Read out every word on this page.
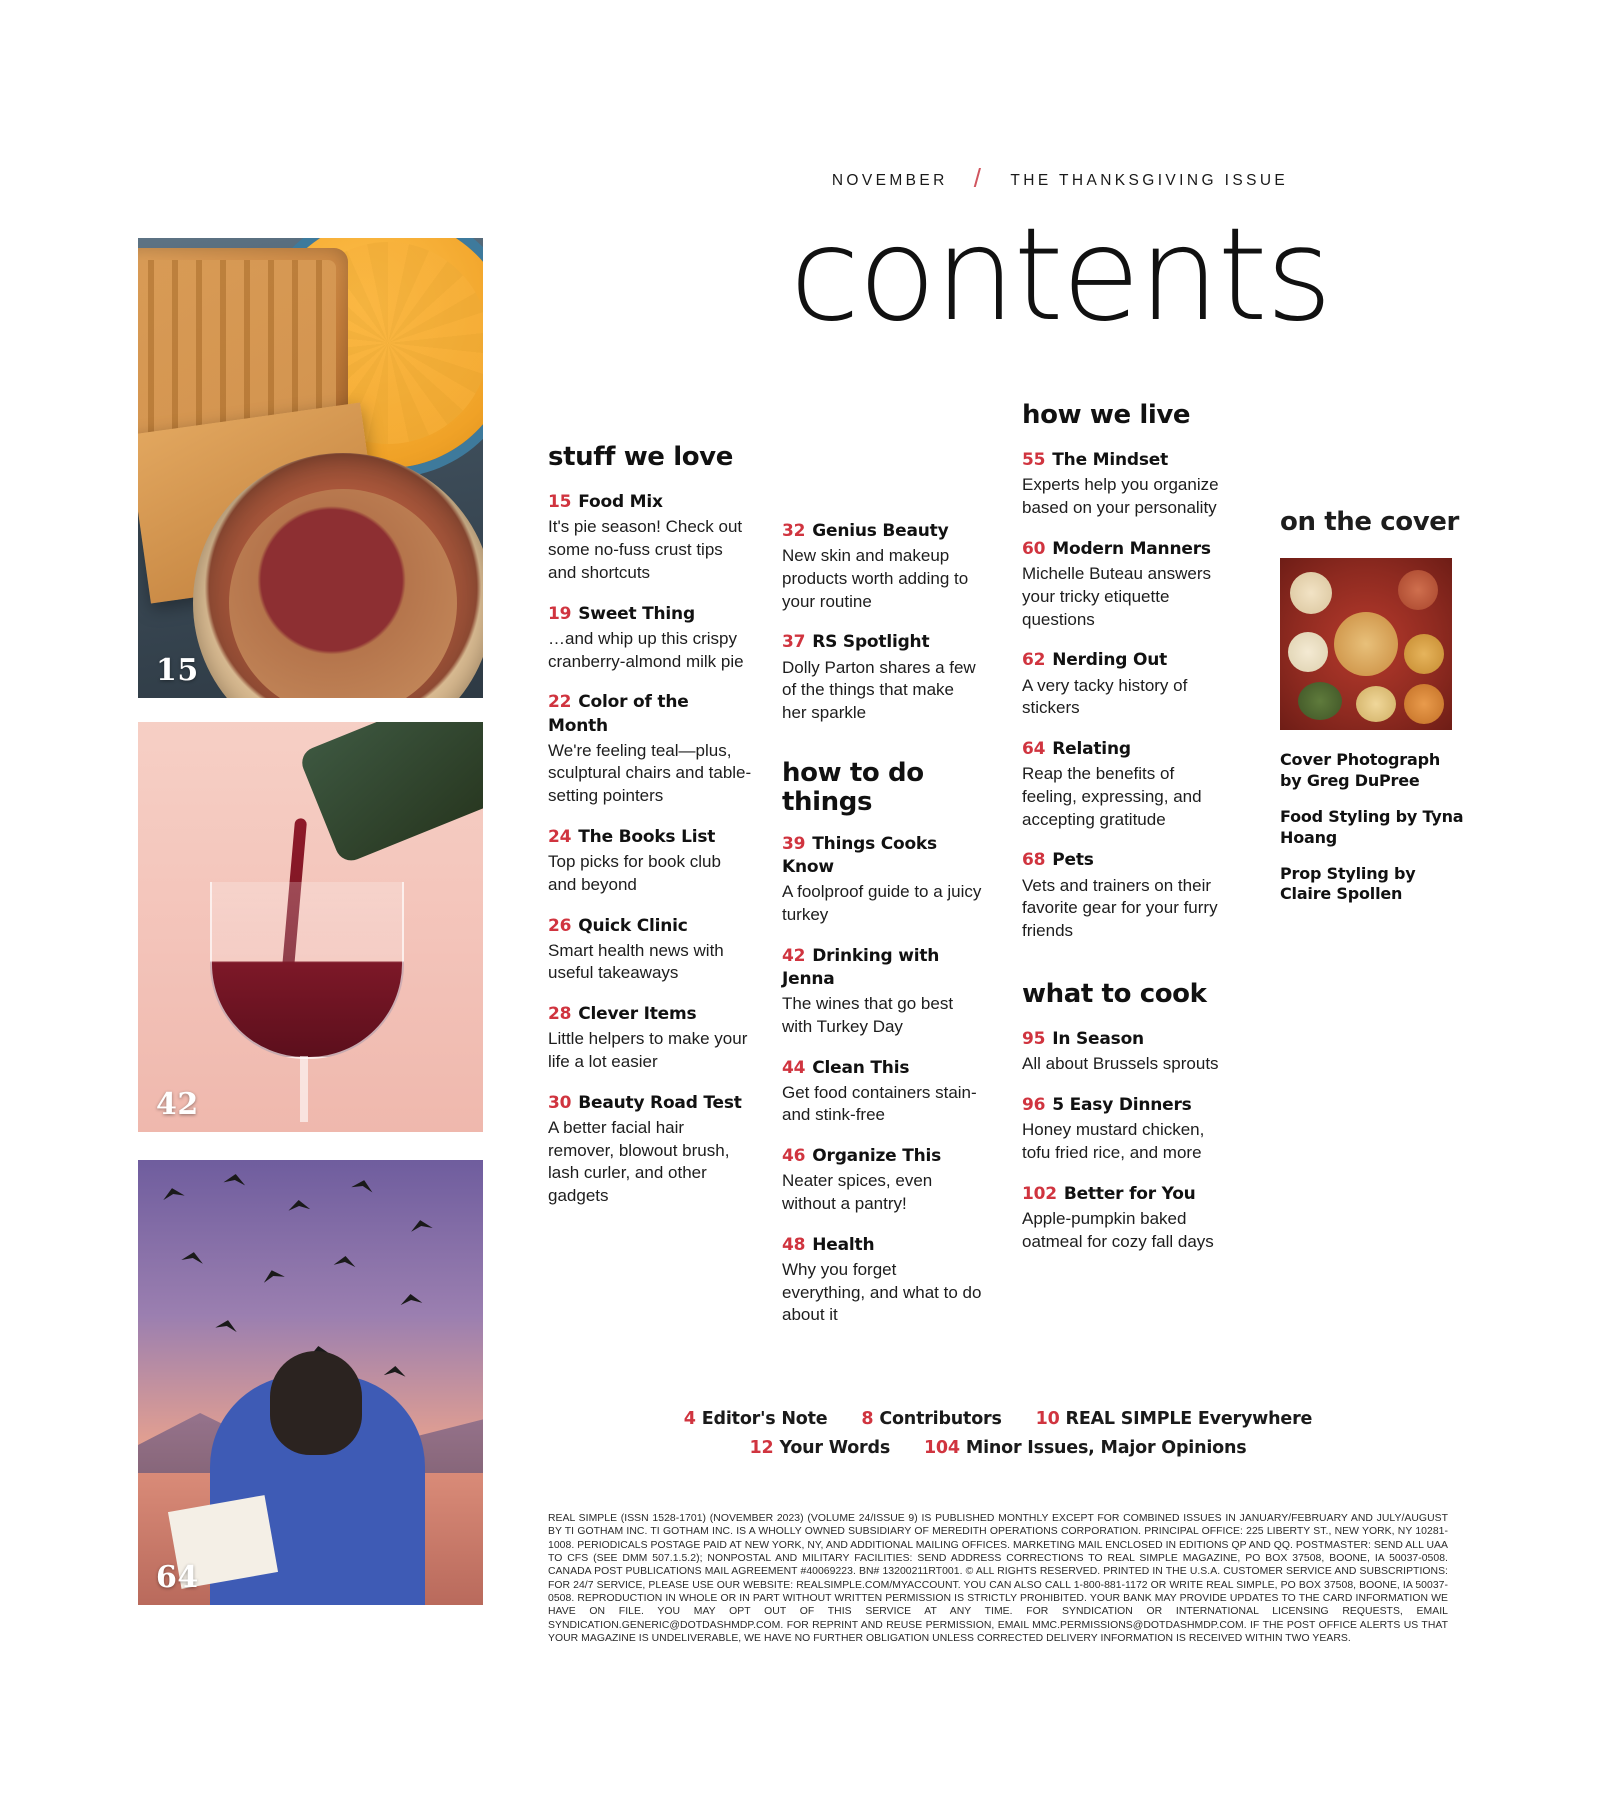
NOVEMBER / THE THANKSGIVING ISSUE
contents
15
42
64
stuff we love
15 Food Mix
It's pie season! Check out some no-fuss crust tips and shortcuts
19 Sweet Thing
…and whip up this crispy cranberry-almond milk pie
22 Color of the Month
We're feeling teal—plus, sculptural chairs and table-setting pointers
24 The Books List
Top picks for book club and beyond
26 Quick Clinic
Smart health news with useful takeaways
28 Clever Items
Little helpers to make your life a lot easier
30 Beauty Road Test
A better facial hair remover, blowout brush, lash curler, and other gadgets
32 Genius Beauty
New skin and makeup products worth adding to your routine
37 RS Spotlight
Dolly Parton shares a few of the things that make her sparkle
how to do things
39 Things Cooks Know
A foolproof guide to a juicy turkey
42 Drinking with Jenna
The wines that go best with Turkey Day
44 Clean This
Get food containers stain- and stink-free
46 Organize This
Neater spices, even without a pantry!
48 Health
Why you forget everything, and what to do about it
how we live
55 The Mindset
Experts help you organize based on your personality
60 Modern Manners
Michelle Buteau answers your tricky etiquette questions
62 Nerding Out
A very tacky history of stickers
64 Relating
Reap the benefits of feeling, expressing, and accepting gratitude
68 Pets
Vets and trainers on their favorite gear for your furry friends
what to cook
95 In Season
All about Brussels sprouts
96 5 Easy Dinners
Honey mustard chicken, tofu fried rice, and more
102 Better for You
Apple-pumpkin baked oatmeal for cozy fall days
on the cover

Cover Photograph by Greg DuPree

Food Styling by Tyna Hoang

Prop Styling by Claire Spollen

4 Editor's Note 8 Contributors 10 REAL SIMPLE Everywhere
12 Your Words 104 Minor Issues, Major Opinions
REAL SIMPLE (ISSN 1528-1701) (NOVEMBER 2023) (VOLUME 24/ISSUE 9) IS PUBLISHED MONTHLY EXCEPT FOR COMBINED ISSUES IN JANUARY/FEBRUARY AND JULY/AUGUST BY TI GOTHAM INC. TI GOTHAM INC. IS A WHOLLY OWNED SUBSIDIARY OF MEREDITH OPERATIONS CORPORATION. PRINCIPAL OFFICE: 225 LIBERTY ST., NEW YORK, NY 10281-1008. PERIODICALS POSTAGE PAID AT NEW YORK, NY, AND ADDITIONAL MAILING OFFICES. MARKETING MAIL ENCLOSED IN EDITIONS QP AND QQ. POSTMASTER: SEND ALL UAA TO CFS (SEE DMM 507.1.5.2); NONPOSTAL AND MILITARY FACILITIES: SEND ADDRESS CORRECTIONS TO REAL SIMPLE MAGAZINE, PO BOX 37508, BOONE, IA 50037-0508. CANADA POST PUBLICATIONS MAIL AGREEMENT #40069223. BN# 13200211RT001. © ALL RIGHTS RESERVED. PRINTED IN THE U.S.A. CUSTOMER SERVICE AND SUBSCRIPTIONS: FOR 24/7 SERVICE, PLEASE USE OUR WEBSITE: REALSIMPLE.COM/MYACCOUNT. YOU CAN ALSO CALL 1-800-881-1172 OR WRITE REAL SIMPLE, PO BOX 37508, BOONE, IA 50037-0508. REPRODUCTION IN WHOLE OR IN PART WITHOUT WRITTEN PERMISSION IS STRICTLY PROHIBITED. YOUR BANK MAY PROVIDE UPDATES TO THE CARD INFORMATION WE HAVE ON FILE. YOU MAY OPT OUT OF THIS SERVICE AT ANY TIME. FOR SYNDICATION OR INTERNATIONAL LICENSING REQUESTS, EMAIL SYNDICATION.GENERIC@DOTDASHMDP.COM. FOR REPRINT AND REUSE PERMISSION, EMAIL MMC.PERMISSIONS@DOTDASHMDP.COM. IF THE POST OFFICE ALERTS US THAT YOUR MAGAZINE IS UNDELIVERABLE, WE HAVE NO FURTHER OBLIGATION UNLESS CORRECTED DELIVERY INFORMATION IS RECEIVED WITHIN TWO YEARS.
